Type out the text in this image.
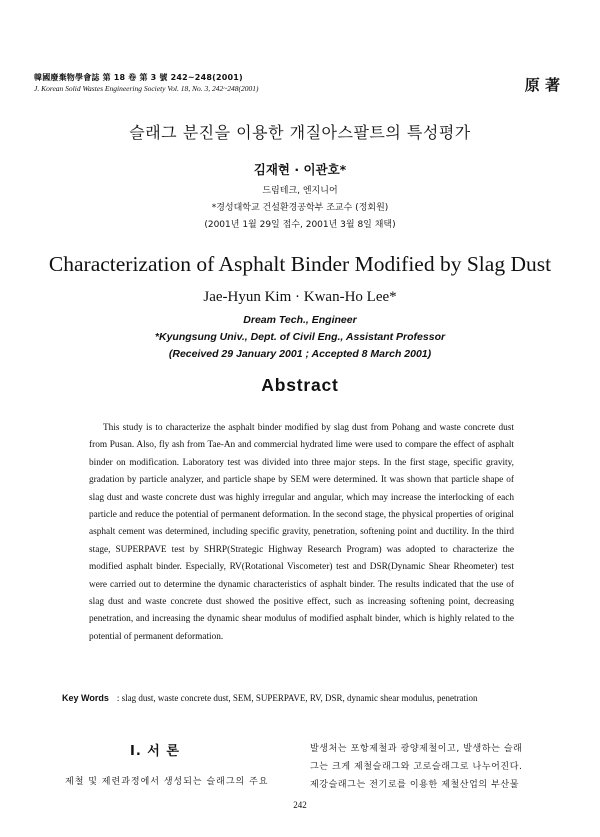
韓國廢棄物學會誌 第 18 卷 第 3 號 242~248(2001)
J. Korean Solid Wastes Engineering Society Vol. 18, No. 3, 242~248(2001)	原 著
슬래그 분진을 이용한 개질아스팔트의 특성평가
김재현 · 이관호*
드림테크, 엔지니어
*경성대학교 건설환경공학부 조교수 (정회원)
(2001년 1월 29일 접수, 2001년 3월 8일 채택)
Characterization of Asphalt Binder Modified by Slag Dust
Jae-Hyun Kim · Kwan-Ho Lee*
Dream Tech., Engineer
*Kyungsung Univ., Dept. of Civil Eng., Assistant Professor
(Received 29 January 2001 ; Accepted 8 March 2001)
Abstract
This study is to characterize the asphalt binder modified by slag dust from Pohang and waste concrete dust from Pusan. Also, fly ash from Tae-An and commercial hydrated lime were used to compare the effect of asphalt binder on modification. Laboratory test was divided into three major steps. In the first stage, specific gravity, gradation by particle analyzer, and particle shape by SEM were determined. It was shown that particle shape of slag dust and waste concrete dust was highly irregular and angular, which may increase the interlocking of each particle and reduce the potential of permanent deformation. In the second stage, the physical properties of original asphalt cement was determined, including specific gravity, penetration, softening point and ductility. In the third stage, SUPERPAVE test by SHRP(Strategic Highway Research Program) was adopted to characterize the modified asphalt binder. Especially, RV(Rotational Viscometer) test and DSR(Dynamic Shear Rheometer) test were carried out to determine the dynamic characteristics of asphalt binder. The results indicated that the use of slag dust and waste concrete dust showed the positive effect, such as increasing softening point, decreasing penetration, and increasing the dynamic shear modulus of modified asphalt binder, which is highly related to the potential of permanent deformation.
Key Words : slag dust, waste concrete dust, SEM, SUPERPAVE, RV, DSR, dynamic shear modulus, penetration
Ⅰ. 서 론
제철 및 제련과정에서 생성되는 슬래그의 주요
발생처는 포항제철과 광양제철이고, 발생하는 슬래
그는 크게 제철슬래그와 고로슬래그로 나누어진다.
제강슬래그는 전기로를 이용한 제철산업의 부산물
242
